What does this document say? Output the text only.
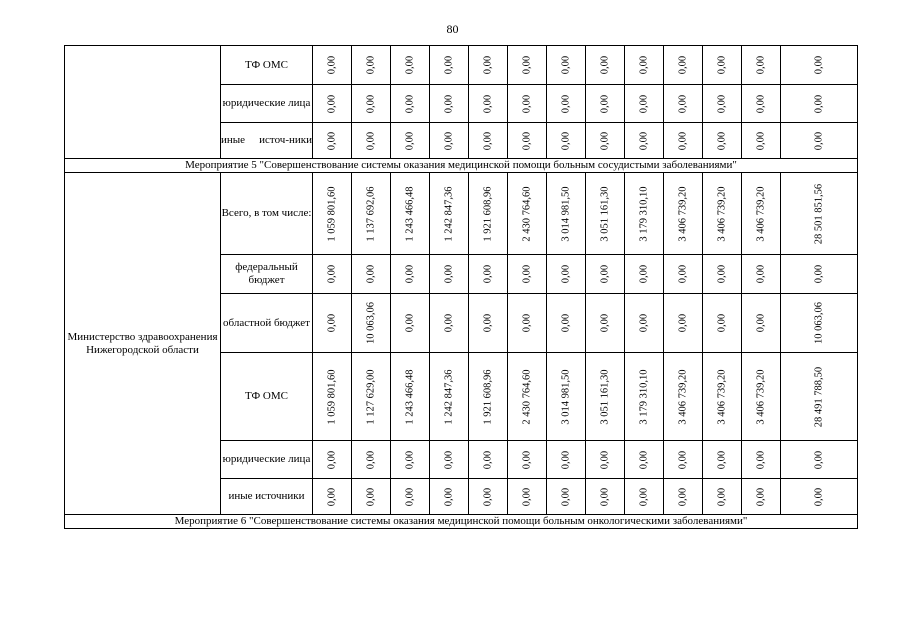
80
	ТФ ОМС	0,00	0,00	0,00	0,00	0,00	0,00	0,00	0,00	0,00	0,00	0,00	0,00	0,00

	юридические лица	0,00	0,00	0,00	0,00	0,00	0,00	0,00	0,00	0,00	0,00	0,00	0,00	0,00

	иные источ-ники	0,00	0,00	0,00	0,00	0,00	0,00	0,00	0,00	0,00	0,00	0,00	0,00	0,00

Мероприятие 5 "Совершенствование системы оказания медицинской помощи больным сосудистыми заболеваниями"														
Министерство здравоохранения Нижегородской области	Всего, в том числе:	1 059 801,60	1 137 692,06	1 243 466,48	1 242 847,36	1 921 608,96	2 430 764,60	3 014 981,50	3 051 161,30	3 179 310,10	3 406 739,20	3 406 739,20	3 406 739,20	28 501 851,56

	федеральный бюджет	0,00	0,00	0,00	0,00	0,00	0,00	0,00	0,00	0,00	0,00	0,00	0,00	0,00

	областной бюджет	0,00	10 063,06	0,00	0,00	0,00	0,00	0,00	0,00	0,00	0,00	0,00	0,00	10 063,06

	ТФ ОМС	1 059 801,60	1 127 629,00	1 243 466,48	1 242 847,36	1 921 608,96	2 430 764,60	3 014 981,50	3 051 161,30	3 179 310,10	3 406 739,20	3 406 739,20	3 406 739,20	28 491 788,50

	юридические лица	0,00	0,00	0,00	0,00	0,00	0,00	0,00	0,00	0,00	0,00	0,00	0,00	0,00

	иные источники	0,00	0,00	0,00	0,00	0,00	0,00	0,00	0,00	0,00	0,00	0,00	0,00	0,00

Мероприятие 6 "Совершенствование системы оказания медицинской помощи больным онкологическими заболеваниями"														
